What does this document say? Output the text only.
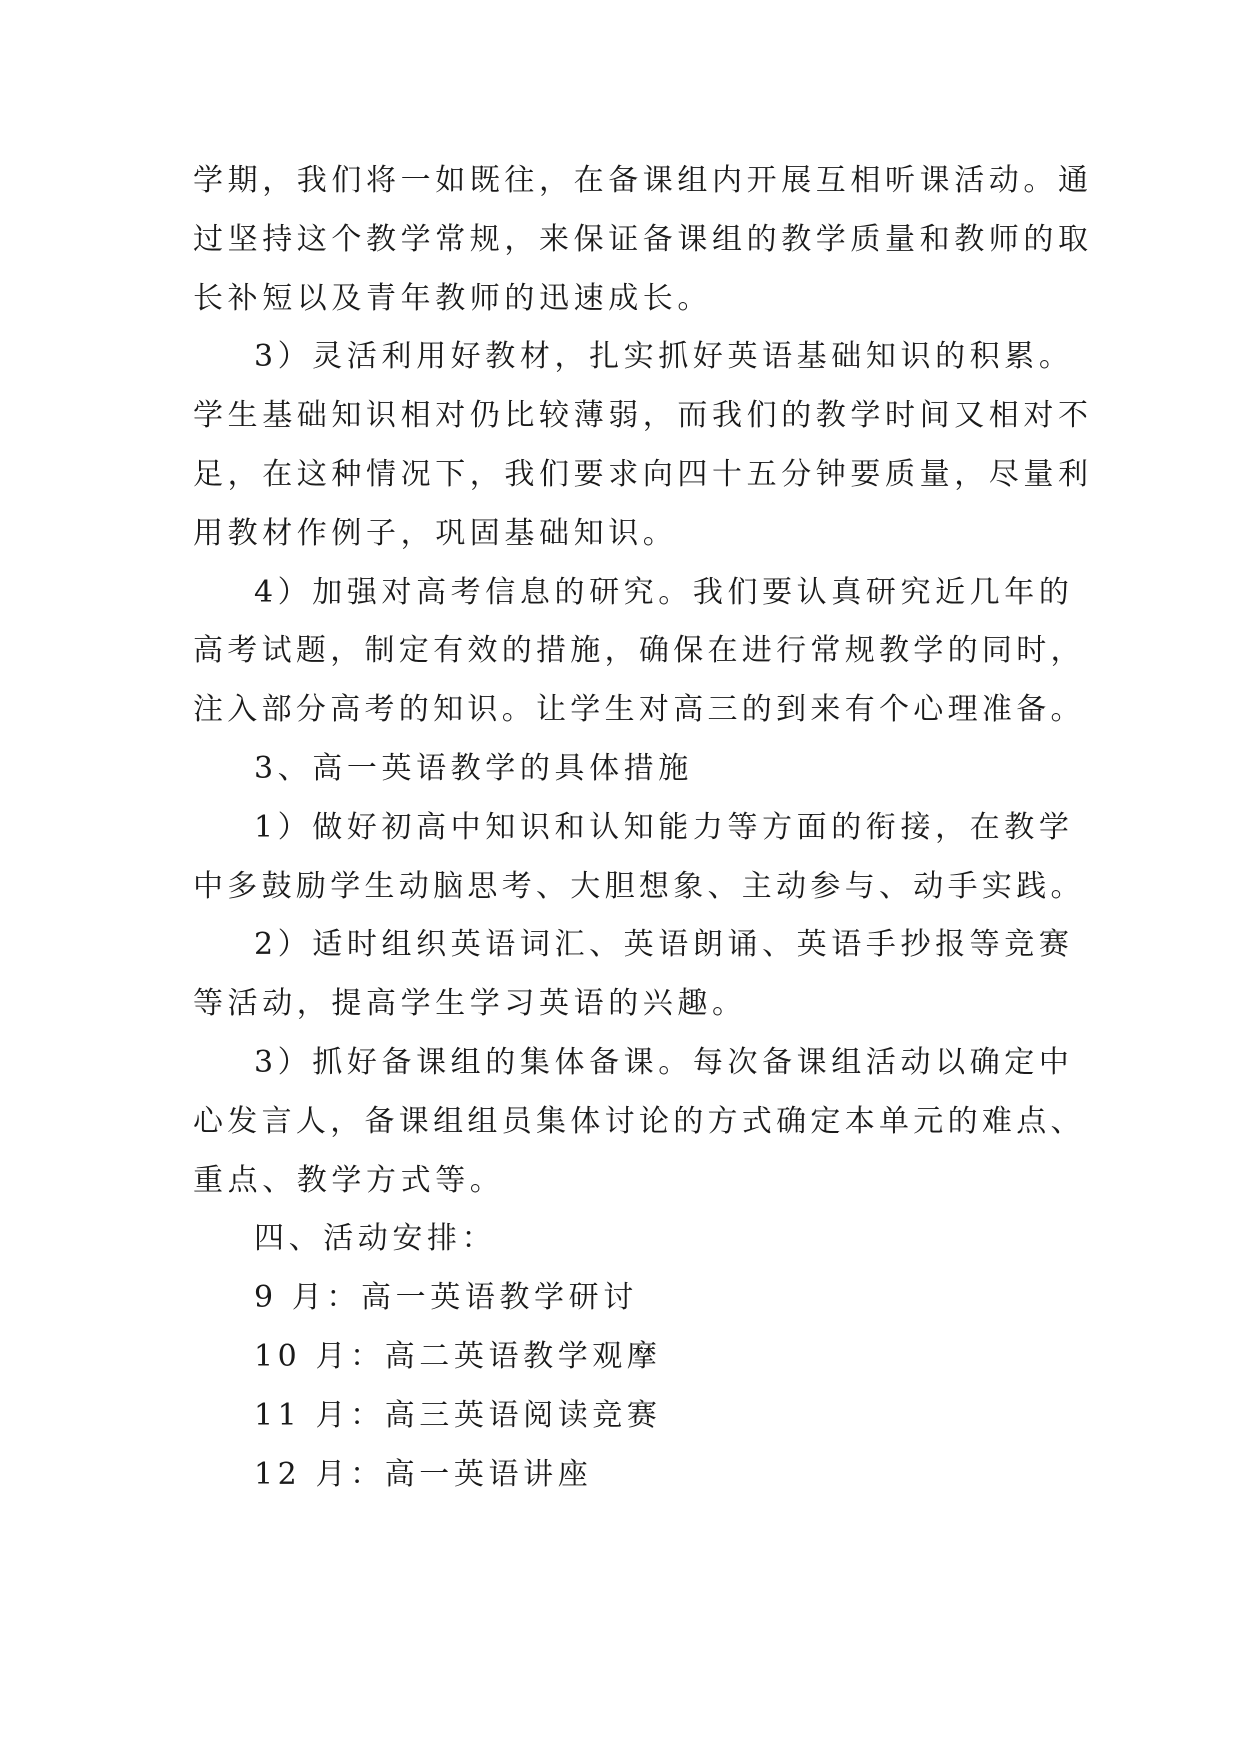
学期，我们将一如既往，在备课组内开展互相听课活动。通
过坚持这个教学常规，来保证备课组的教学质量和教师的取
长补短以及青年教师的迅速成长。
3）灵活利用好教材，扎实抓好英语基础知识的积累。
学生基础知识相对仍比较薄弱，而我们的教学时间又相对不
足，在这种情况下，我们要求向四十五分钟要质量，尽量利
用教材作例子，巩固基础知识。
4）加强对高考信息的研究。我们要认真研究近几年的
高考试题，制定有效的措施，确保在进行常规教学的同时，
注入部分高考的知识。让学生对高三的到来有个心理准备。
3、高一英语教学的具体措施
1）做好初高中知识和认知能力等方面的衔接，在教学
中多鼓励学生动脑思考、大胆想象、主动参与、动手实践。
2）适时组织英语词汇、英语朗诵、英语手抄报等竞赛
等活动，提高学生学习英语的兴趣。
3）抓好备课组的集体备课。每次备课组活动以确定中
心发言人，备课组组员集体讨论的方式确定本单元的难点、
重点、教学方式等。
四、活动安排：
9 月：高一英语教学研讨
10 月：高二英语教学观摩
11 月：高三英语阅读竞赛
12 月：高一英语讲座
